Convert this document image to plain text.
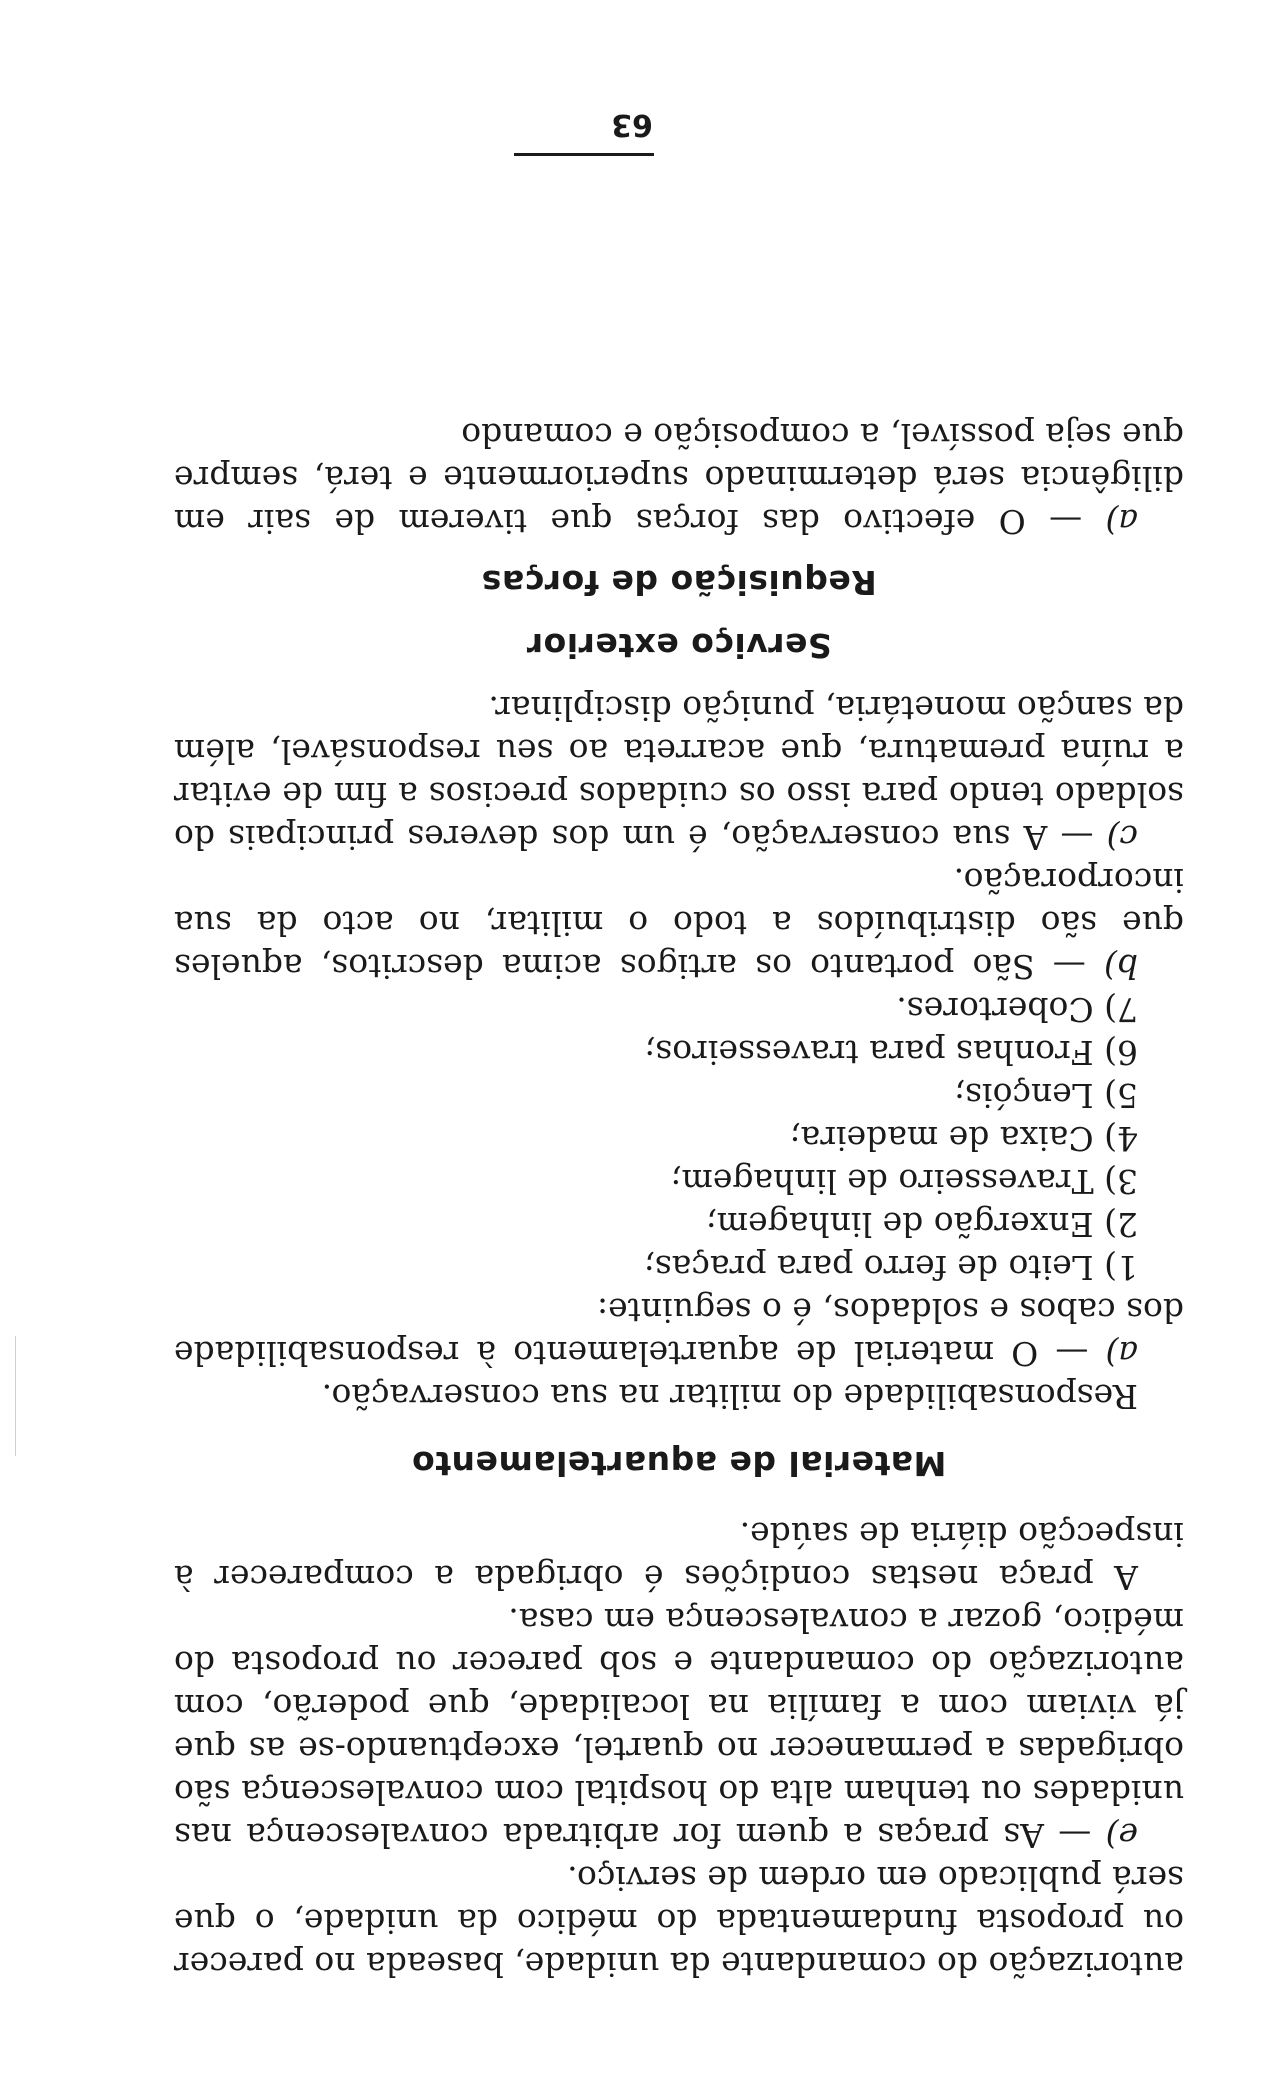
autorização do comandante da unidade, baseada no parecer ou proposta fundamentada do médico da unidade, o que será publicado em ordem de serviço.

e) — As praças a quem for arbitrada convalescença nas unidades ou tenham alta do hospital com convalescença são obrigadas a permanecer no quartel, exceptuando-se as que já viviam com a família na localidade, que poderão, com autorização do comandante e sob parecer ou proposta do médico, gozar a convalescença em casa.

A praça nestas condições é obrigada a comparecer à inspecção diária de saúde.

Material de aquartelamento

Responsabilidade do militar na sua conservação.

a) — O material de aquartelamento à responsabilidade dos cabos e soldados, é o seguinte:

1) Leito de ferro para praças;
2) Enxergão de linhagem;
3) Travesseiro de linhagem;
4) Caixa de madeira;
5) Lençóis;
6) Fronhas para travesseiros;
7) Cobertores.

b) — São portanto os artigos acima descritos, aqueles que são distribuídos a todo o militar, no acto da sua incorporação.

c) — A sua conservação, é um dos deveres principais do soldado tendo para isso os cuidados precisos a fim de evitar a ruína prematura, que acarreta ao seu responsável, além da sanção monetária, punição disciplinar.

Serviço exterior
Requisição de forças

a) — O efectivo das forças que tiverem de sair em diligência será determinado superiormente e terá, sempre que seja possível, a composição e comando

63
